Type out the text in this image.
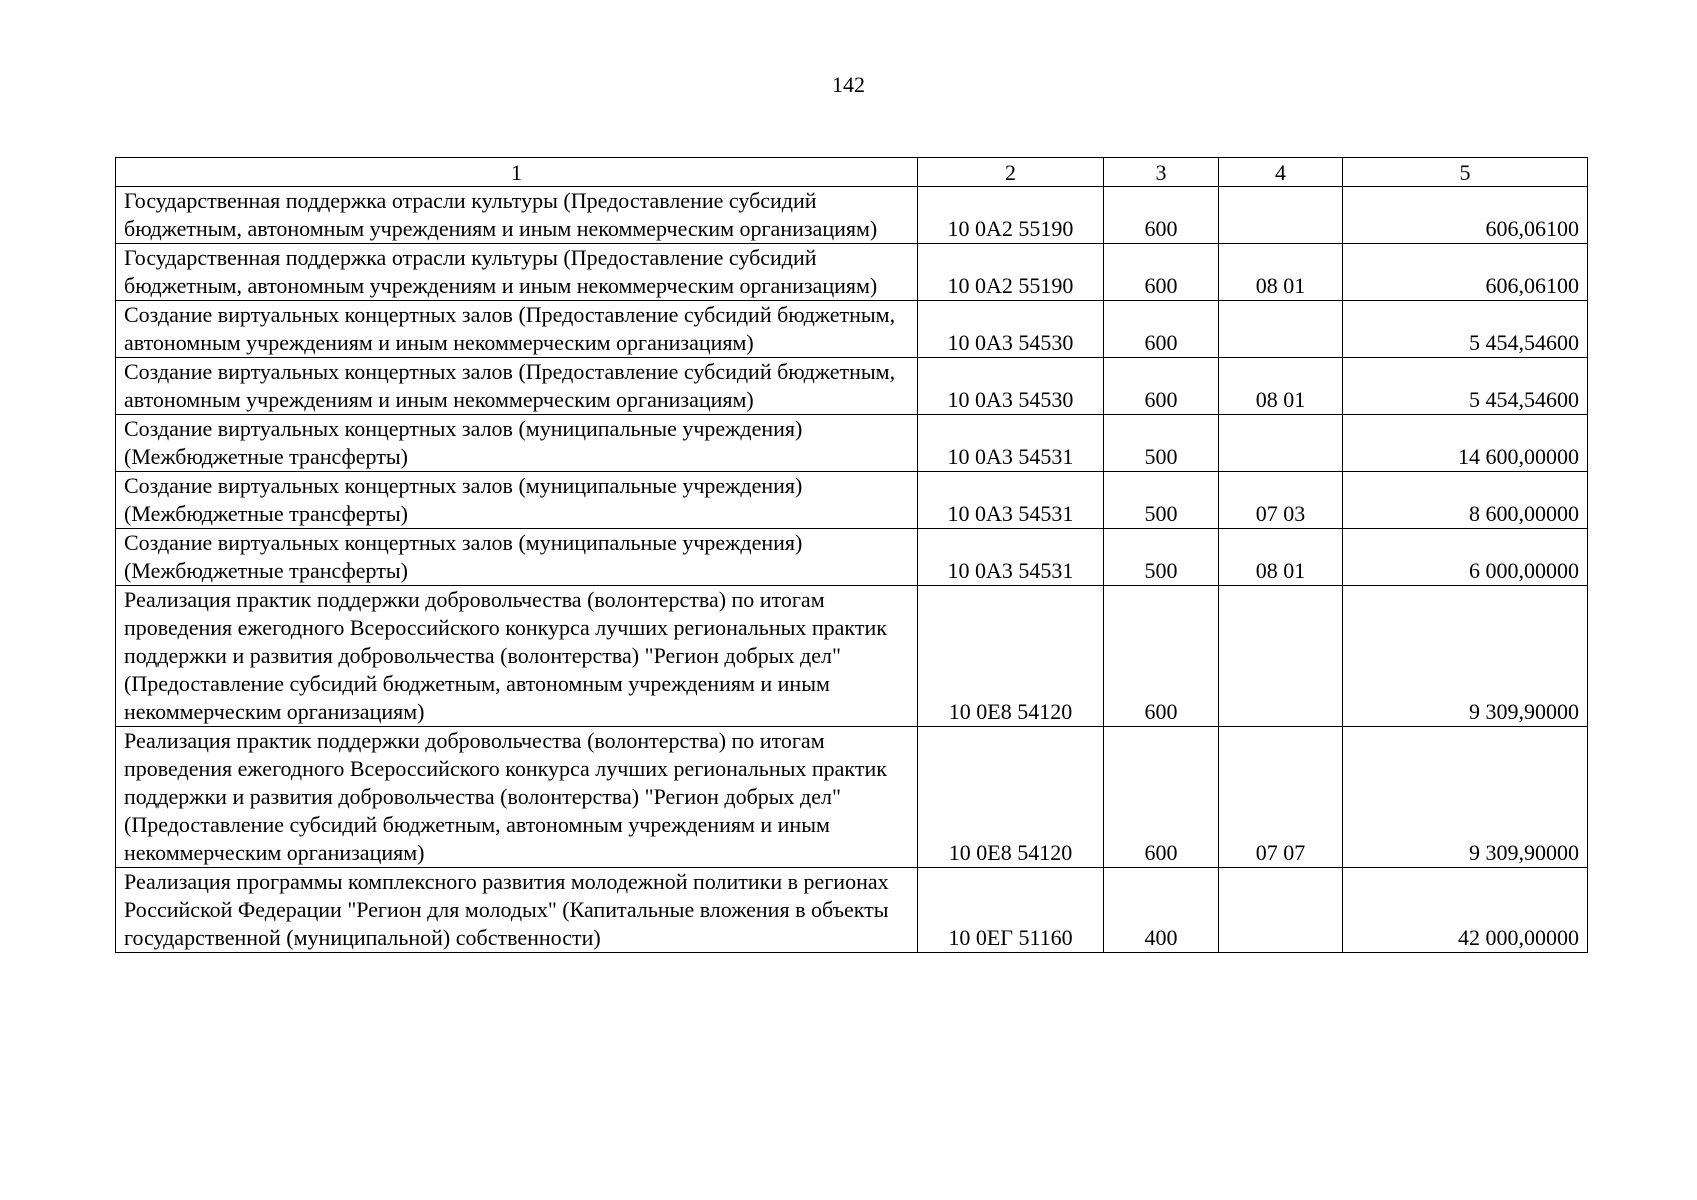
142
1	2	3	4	5
Государственная поддержка отрасли культуры (Предоставление субсидий бюджетным, автономным учреждениям и иным некоммерческим организациям)	10 0А2 55190	600		606,06100
Государственная поддержка отрасли культуры (Предоставление субсидий бюджетным, автономным учреждениям и иным некоммерческим организациям)	10 0А2 55190	600	08 01	606,06100
Создание виртуальных концертных залов (Предоставление субсидий бюджетным, автономным учреждениям и иным некоммерческим организациям)	10 0А3 54530	600		5 454,54600
Создание виртуальных концертных залов (Предоставление субсидий бюджетным, автономным учреждениям и иным некоммерческим организациям)	10 0А3 54530	600	08 01	5 454,54600
Создание виртуальных концертных залов (муниципальные учреждения) (Межбюджетные трансферты)	10 0А3 54531	500		14 600,00000
Создание виртуальных концертных залов (муниципальные учреждения) (Межбюджетные трансферты)	10 0А3 54531	500	07 03	8 600,00000
Создание виртуальных концертных залов (муниципальные учреждения) (Межбюджетные трансферты)	10 0А3 54531	500	08 01	6 000,00000
Реализация практик поддержки добровольчества (волонтерства) по итогам проведения ежегодного Всероссийского конкурса лучших региональных практик поддержки и развития добровольчества (волонтерства) "Регион добрых дел" (Предоставление субсидий бюджетным, автономным учреждениям и иным некоммерческим организациям)	10 0Е8 54120	600		9 309,90000
Реализация практик поддержки добровольчества (волонтерства) по итогам проведения ежегодного Всероссийского конкурса лучших региональных практик поддержки и развития добровольчества (волонтерства) "Регион добрых дел" (Предоставление субсидий бюджетным, автономным учреждениям и иным некоммерческим организациям)	10 0Е8 54120	600	07 07	9 309,90000
Реализация программы комплексного развития молодежной политики в регионах Российской Федерации "Регион для молодых" (Капитальные вложения в объекты государственной (муниципальной) собственности)	10 0ЕГ 51160	400		42 000,00000
